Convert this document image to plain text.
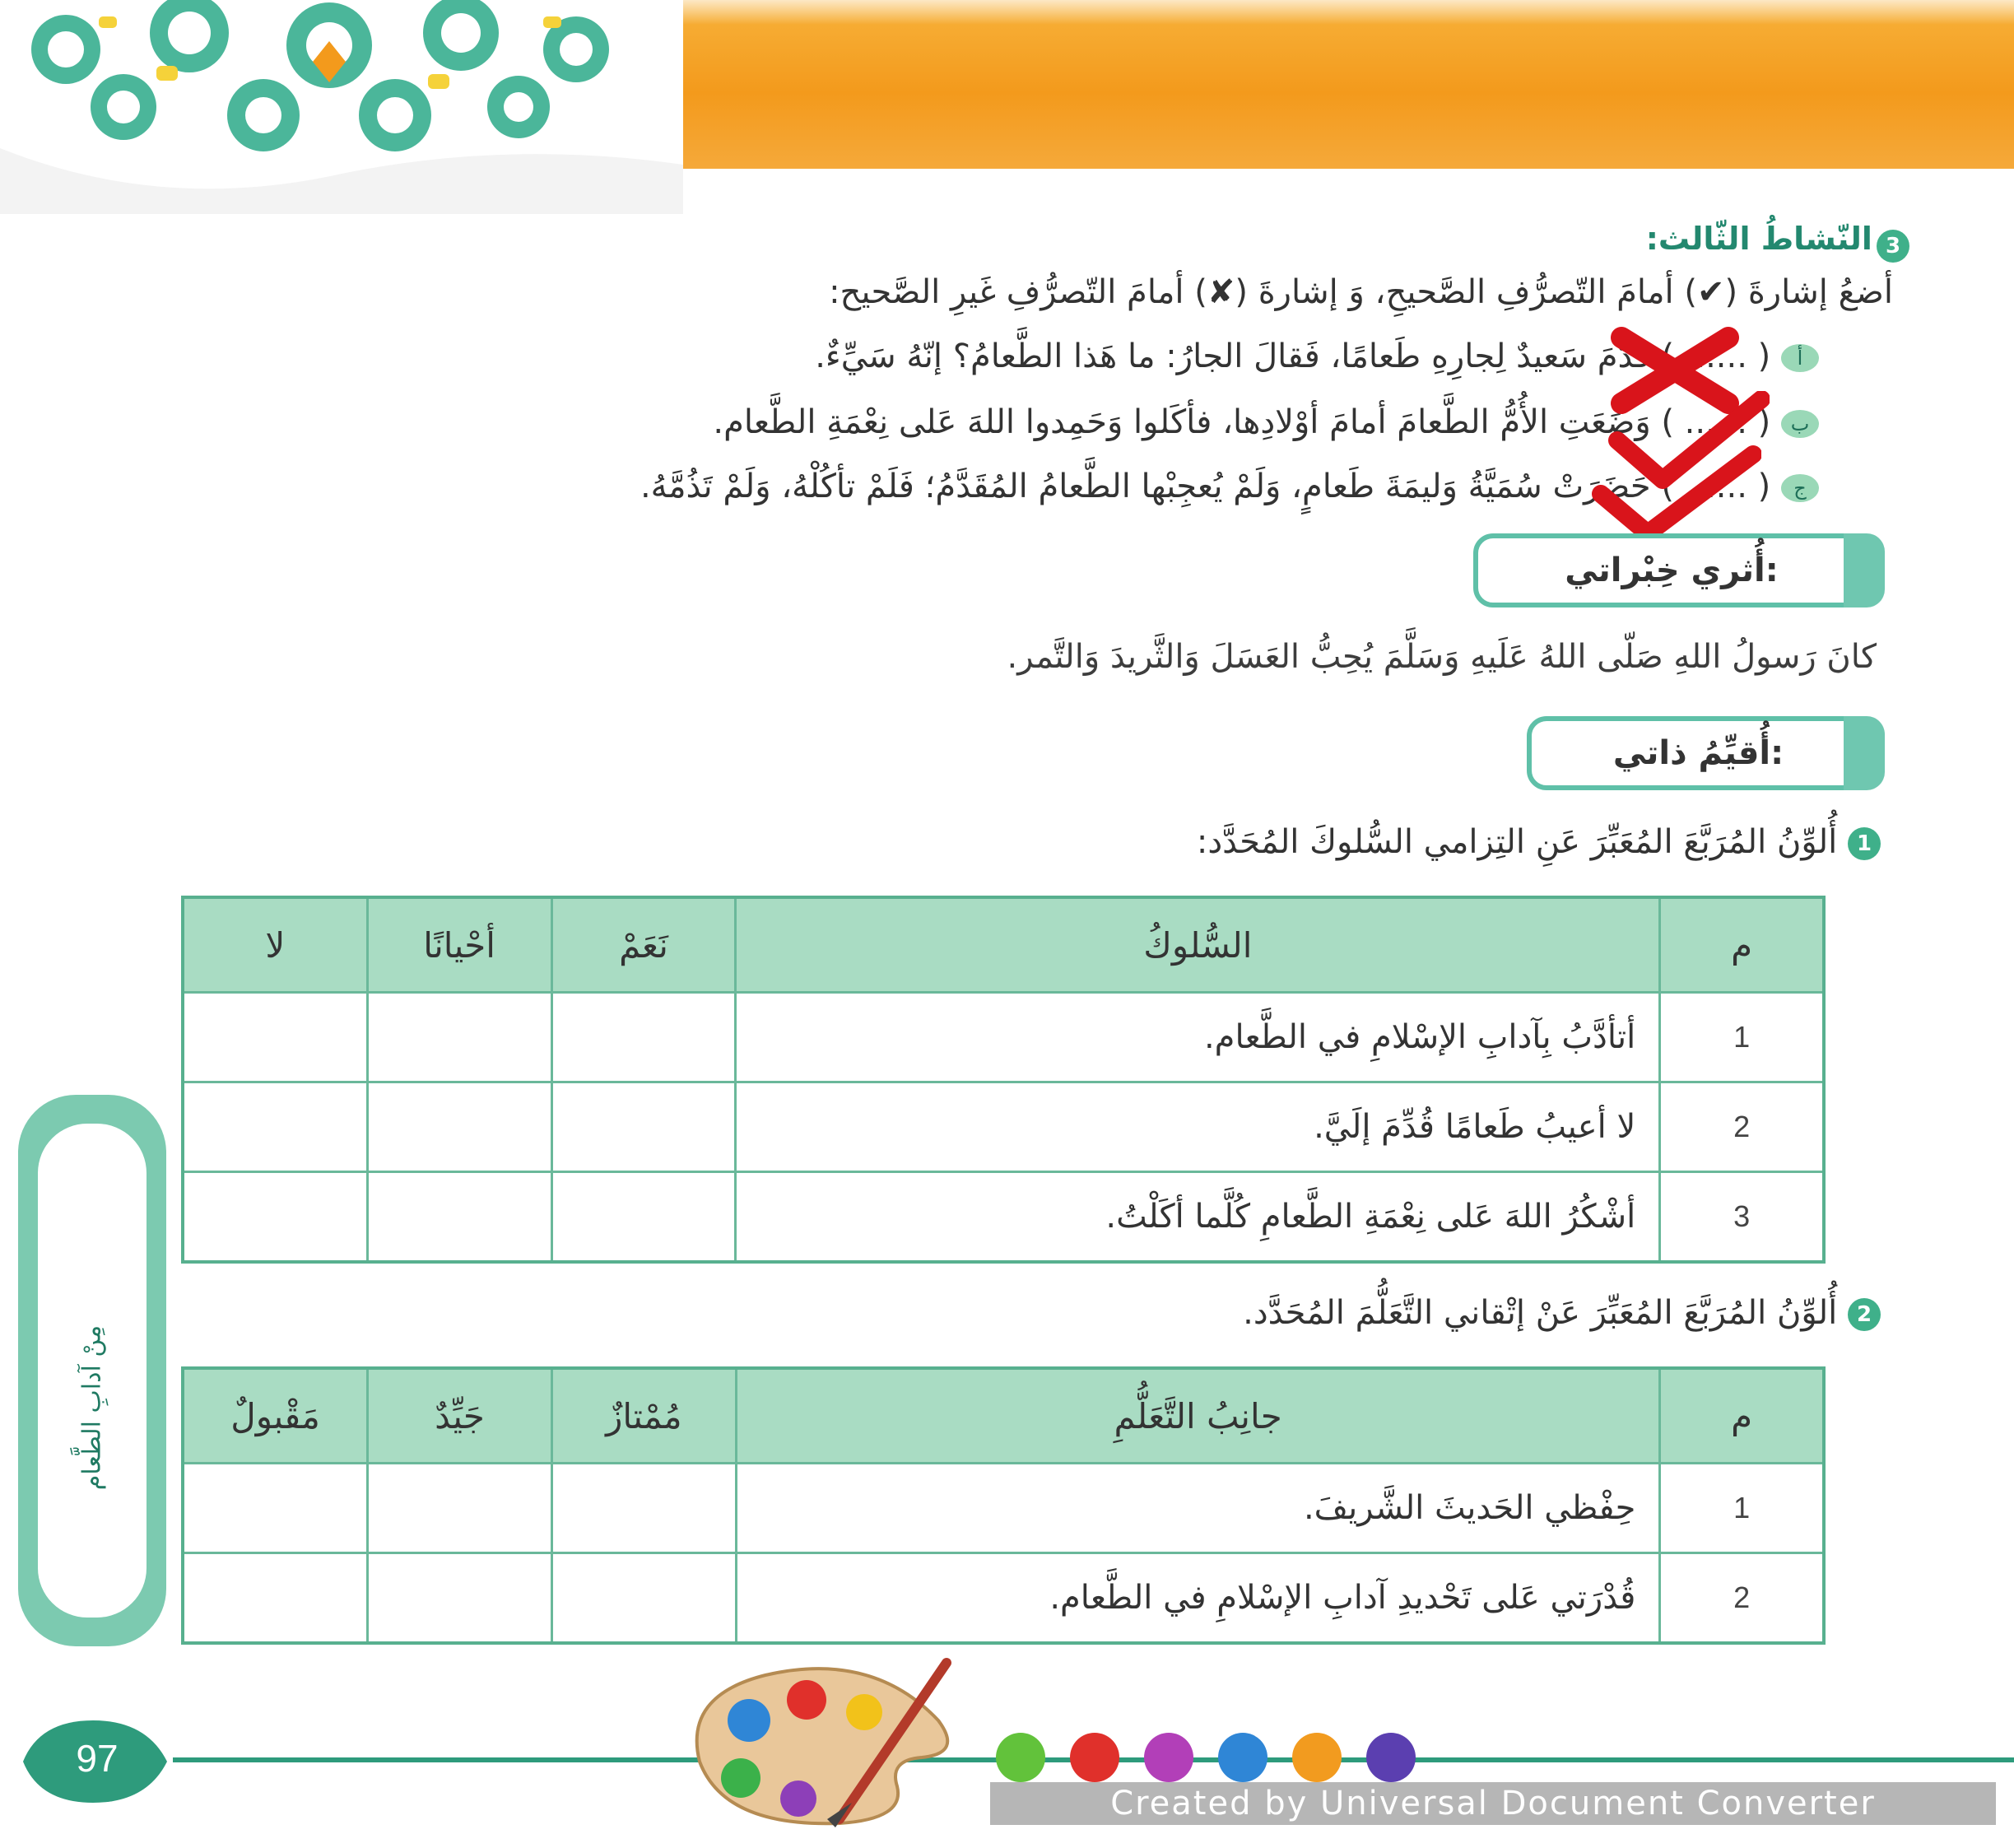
3 النّشاطُ الثّالث:
أضعُ إشارةَ (✔) أمامَ التّصرُّفِ الصَّحيحِ، وَ إشارةَ (✘) أمامَ التّصرُّفِ غَيرِ الصَّحيح:
أ ( ...... ) قَدَّمَ سَعيدٌ لِجارِهِ طَعامًا، فَقالَ الجارُ: ما هَذا الطَّعامُ؟ إنّهُ سَيِّءٌ.
ب ( ...... ) وَضَعَتِ الأُمُّ الطَّعامَ أمامَ أوْلادِها، فأكَلوا وَحَمِدوا اللهَ عَلى نِعْمَةِ الطَّعام.
ج ( ...... ) حَضَرَتْ سُمَيَّةُ وَليمَةَ طَعامٍ، وَلَمْ يُعجِبْها الطَّعامُ المُقَدَّمُ؛ فَلَمْ تأكُلْهُ، وَلَمْ تَذُمَّهُ.
أُثري خِبْراتي:
كانَ رَسولُ اللهِ صَلّى اللهُ عَلَيهِ وَسَلَّمَ يُحِبُّ العَسَلَ وَالثَّريدَ وَالتَّمر.
أُقيِّمُ ذاتي:
1 أُلوِّنُ المُرَبَّعَ المُعَبِّرَ عَنِ التِزامي السُّلوكَ المُحَدَّد:
م	السُّلوكُ	نَعَمْ	أحْيانًا	لا
1	أتأدَّبُ بِآدابِ الإسْلامِ في الطَّعام.			
2	لا أعيبُ طَعامًا قُدِّمَ إلَيَّ.			
3	أشْكُرُ اللهَ عَلى نِعْمَةِ الطَّعامِ كُلَّما أكَلْتُ.			
2 أُلوِّنُ المُرَبَّعَ المُعَبِّرَ عَنْ إتْقاني التَّعَلُّمَ المُحَدَّد.
م	جانِبُ التَّعَلُّمِ	مُمْتازٌ	جَيِّدٌ	مَقْبولٌ
1	حِفْظي الحَديثَ الشَّريفَ.			
2	قُدْرَتي عَلى تَحْديدِ آدابِ الإسْلامِ في الطَّعام.			
مِنْ آدابِ الطَّعام
97
Created by Universal Document Converter
